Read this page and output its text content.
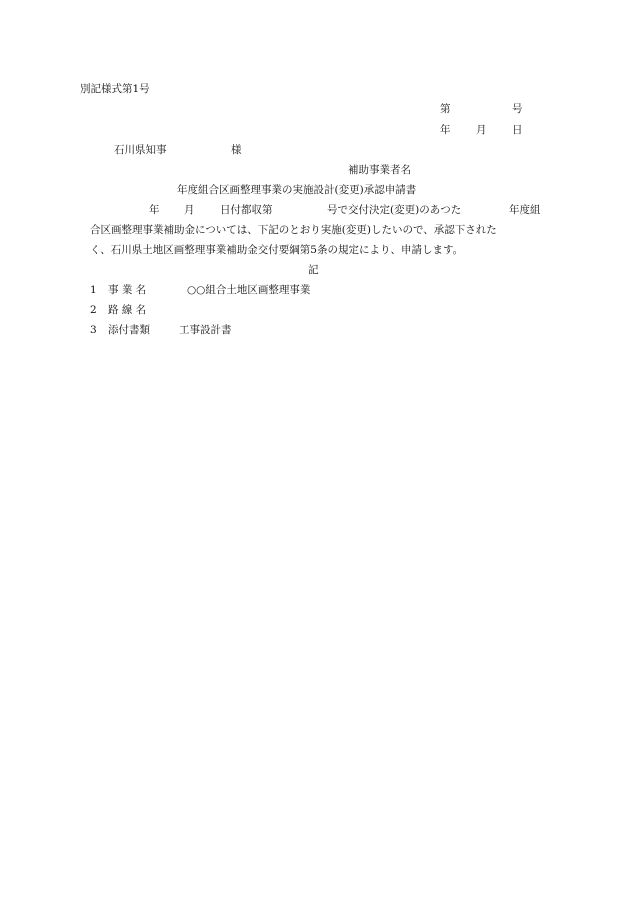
別記様式第1号
第	号
年 月 日
石川県知事	様
補助事業者名
年度組合区画整理事業の実施設計(変更)承認申請書
年 月 日付都収第	号で交付決定(変更)のあつた	年度組
合区画整理事業補助金については、下記のとおり実施(変更)したいので、承認下された
く、石川県土地区画整理事業補助金交付要綱第5条の規定により、申請します。
記
1 事 業 名	○○組合土地区画整理事業
2 路 線 名
3 添付書類	工事設計書
